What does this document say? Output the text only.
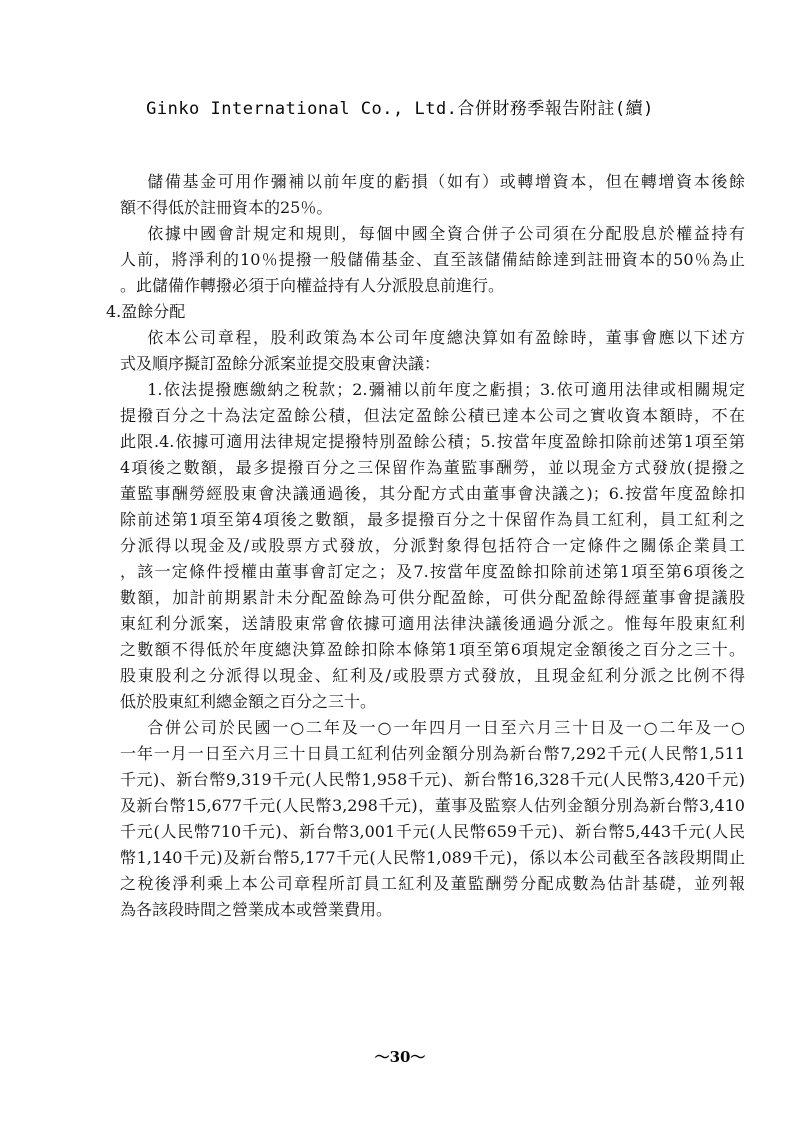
Ginko International Co., Ltd.合併財務季報告附註(續)
儲備基金可用作彌補以前年度的虧損（如有）或轉增資本，但在轉增資本後餘
額不得低於註冊資本的25％。
依據中國會計規定和規則，每個中國全資合併子公司須在分配股息於權益持有
人前，將淨利的10％提撥一般儲備基金、直至該儲備結餘達到註冊資本的50％為止
。此儲備作轉撥必須于向權益持有人分派股息前進行。
4.盈餘分配
依本公司章程，股利政策為本公司年度總決算如有盈餘時，董事會應以下述方
式及順序擬訂盈餘分派案並提交股東會決議：
1.依法提撥應繳納之稅款；2.彌補以前年度之虧損；3.依可適用法律或相關規定
提撥百分之十為法定盈餘公積，但法定盈餘公積已達本公司之實收資本額時，不在
此限.4.依據可適用法律規定提撥特別盈餘公積；5.按當年度盈餘扣除前述第1項至第
4項後之數額，最多提撥百分之三保留作為董監事酬勞，並以現金方式發放(提撥之
董監事酬勞經股東會決議通過後，其分配方式由董事會決議之)；6.按當年度盈餘扣
除前述第1項至第4項後之數額，最多提撥百分之十保留作為員工紅利，員工紅利之
分派得以現金及/或股票方式發放，分派對象得包括符合一定條件之關係企業員工
，該一定條件授權由董事會訂定之；及7.按當年度盈餘扣除前述第1項至第6項後之
數額，加計前期累計未分配盈餘為可供分配盈餘，可供分配盈餘得經董事會提議股
東紅利分派案，送請股東常會依據可適用法律決議後通過分派之。惟每年股東紅利
之數額不得低於年度總決算盈餘扣除本條第1項至第6項規定金額後之百分之三十。
股東股利之分派得以現金、紅利及/或股票方式發放，且現金紅利分派之比例不得
低於股東紅利總金額之百分之三十。
合併公司於民國一○二年及一○一年四月一日至六月三十日及一○二年及一○
一年一月一日至六月三十日員工紅利估列金額分別為新台幣7,292千元(人民幣1,511
千元)、新台幣9,319千元(人民幣1,958千元)、新台幣16,328千元(人民幣3,420千元)
及新台幣15,677千元(人民幣3,298千元)，董事及監察人估列金額分別為新台幣3,410
千元(人民幣710千元)、新台幣3,001千元(人民幣659千元)、新台幣5,443千元(人民
幣1,140千元)及新台幣5,177千元(人民幣1,089千元)，係以本公司截至各該段期間止
之稅後淨利乘上本公司章程所訂員工紅利及董監酬勞分配成數為估計基礎，並列報
為各該段時間之營業成本或營業費用。
～30～
